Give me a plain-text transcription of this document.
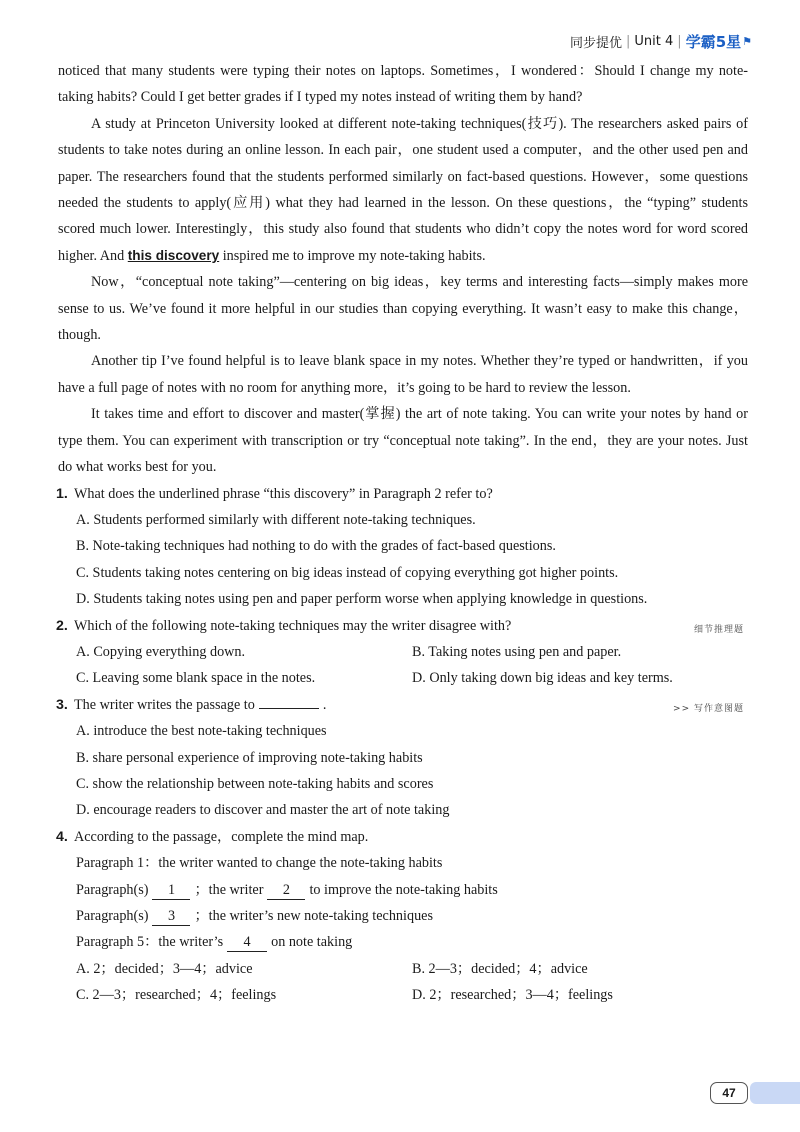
同步提优 | Unit 4 | 学霸5星 ⚑

noticed that many students were typing their notes on laptops. Sometimes，I wondered：Should I change my note-taking habits? Could I get better grades if I typed my notes instead of writing them by hand?

A study at Princeton University looked at different note-taking techniques(技巧). The researchers asked pairs of students to take notes during an online lesson. In each pair，one student used a computer，and the other used pen and paper. The researchers found that the students performed similarly on fact-based questions. However，some questions needed the students to apply(应用) what they had learned in the lesson. On these questions，the “typing” students scored much lower. Interestingly，this study also found that students who didn’t copy the notes word for word scored higher. And this discovery inspired me to improve my note-taking habits.

Now，“conceptual note taking”—centering on big ideas，key terms and interesting facts—simply makes more sense to us. We’ve found it more helpful in our studies than copying everything. It wasn’t easy to make this change，though.

Another tip I’ve found helpful is to leave blank space in my notes. Whether they’re typed or handwritten，if you have a full page of notes with no room for anything more，it’s going to be hard to review the lesson.

It takes time and effort to discover and master(掌握) the art of note taking. You can write your notes by hand or type them. You can experiment with transcription or try “conceptual note taking”. In the end，they are your notes. Just do what works best for you.

1. What does the underlined phrase “this discovery” in Paragraph 2 refer to?

A. Students performed similarly with different note-taking techniques.

B. Note-taking techniques had nothing to do with the grades of fact-based questions.

C. Students taking notes centering on big ideas instead of copying everything got higher points.

D. Students taking notes using pen and paper perform worse when applying knowledge in questions.

2. Which of the following note-taking techniques may the writer disagree with?	细节推理题
A. Copying everything down.	B. Taking notes using pen and paper.
C. Leaving some blank space in the notes.	D. Only taking down big ideas and key terms.
3. The writer writes the passage to	.	>> 写作意图题

A. introduce the best note-taking techniques

B. share personal experience of improving note-taking habits

C. show the relationship between note-taking habits and scores

D. encourage readers to discover and master the art of note taking

4. According to the passage，complete the mind map.
Paragraph 1：the writer wanted to change the note-taking habits
Paragraph(s) 1 ；the writer 2 to improve the note-taking habits
Paragraph(s) 3 ；the writer’s new note-taking techniques
Paragraph 5：the writer’s 4 on note taking
A. 2；decided；3—4；advice	B. 2—3；decided；4；advice
C. 2—3；researched；4；feelings	D. 2；researched；3—4；feelings
47
